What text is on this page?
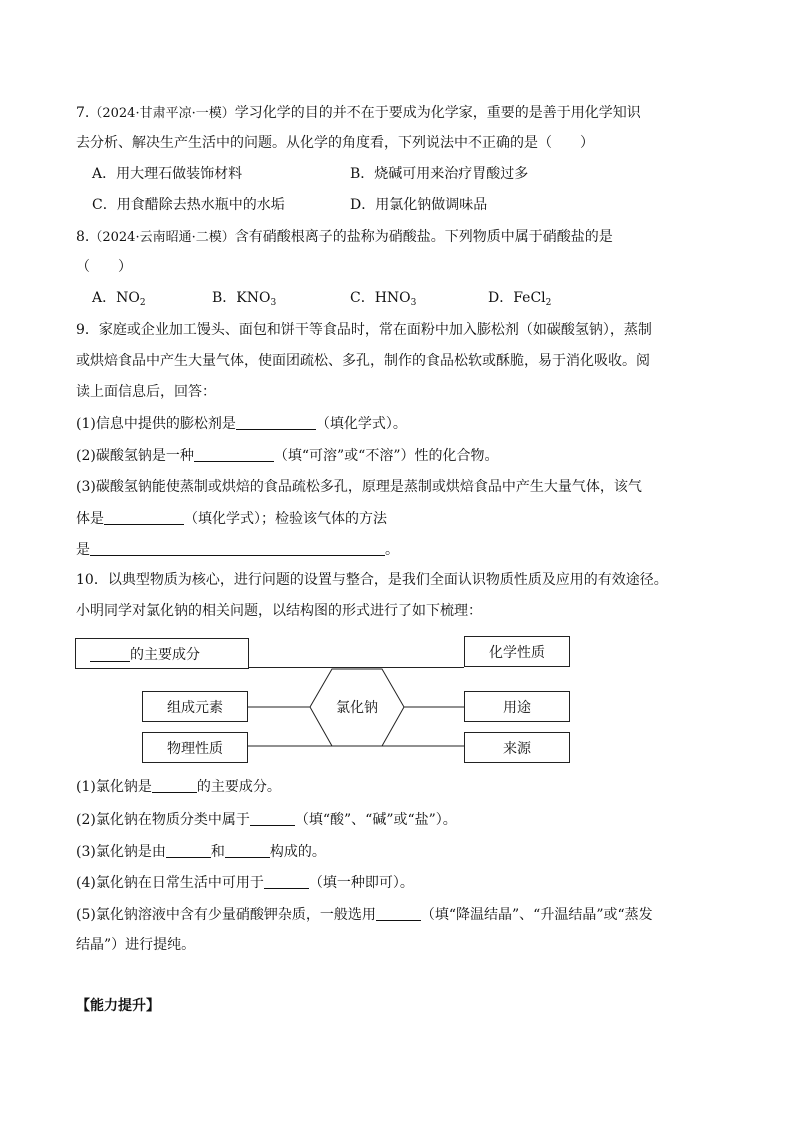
7.（2024·甘肃平凉·一模）学习化学的目的并不在于要成为化学家，重要的是善于用化学知识
去分析、解决生产生活中的问题。从化学的角度看，下列说法中不正确的是（　　）
A．用大理石做装饰材料	B．烧碱可用来治疗胃酸过多
C．用食醋除去热水瓶中的水垢	D．用氯化钠做调味品
8.（2024·云南昭通·二模）含有硝酸根离子的盐称为硝酸盐。下列物质中属于硝酸盐的是
（　　）
A．$NO_2$	B．$KNO_3$	C．$HNO_3$	D．FeCl$_2$
9．家庭或企业加工馒头、面包和饼干等食品时，常在面粉中加入膨松剂（如碳酸氢钠），蒸制
或烘焙食品中产生大量气体，使面团疏松、多孔，制作的食品松软或酥脆，易于消化吸收。阅
读上面信息后，回答：
(1)信息中提供的膨松剂是	（填化学式）。
(2)碳酸氢钠是一种	（填“可溶”或“不溶”）性的化合物。
(3)碳酸氢钠能使蒸制或烘焙的食品疏松多孔，原理是蒸制或烘焙食品中产生大量气体，该气
体是	（填化学式）；检验该气体的方法
是	。
10．以典型物质为核心，进行问题的设置与整合，是我们全面认识物质性质及应用的有效途径。
小明同学对氯化钠的相关问题，以结构图的形式进行了如下梳理：
的主要成分	化学性质
组成元素
物理性质
用途
来源
氯化钠
(1)氯化钠是	的主要成分。
(2)氯化钠在物质分类中属于	（填“酸”、“碱”或“盐”）。
(3)氯化钠是由	和	构成的。
(4)氯化钠在日常生活中可用于	（填一种即可）。
(5)氯化钠溶液中含有少量硝酸钾杂质，一般选用	（填“降温结晶”、“升温结晶”或“蒸发
结晶”）进行提纯。
【能力提升】
